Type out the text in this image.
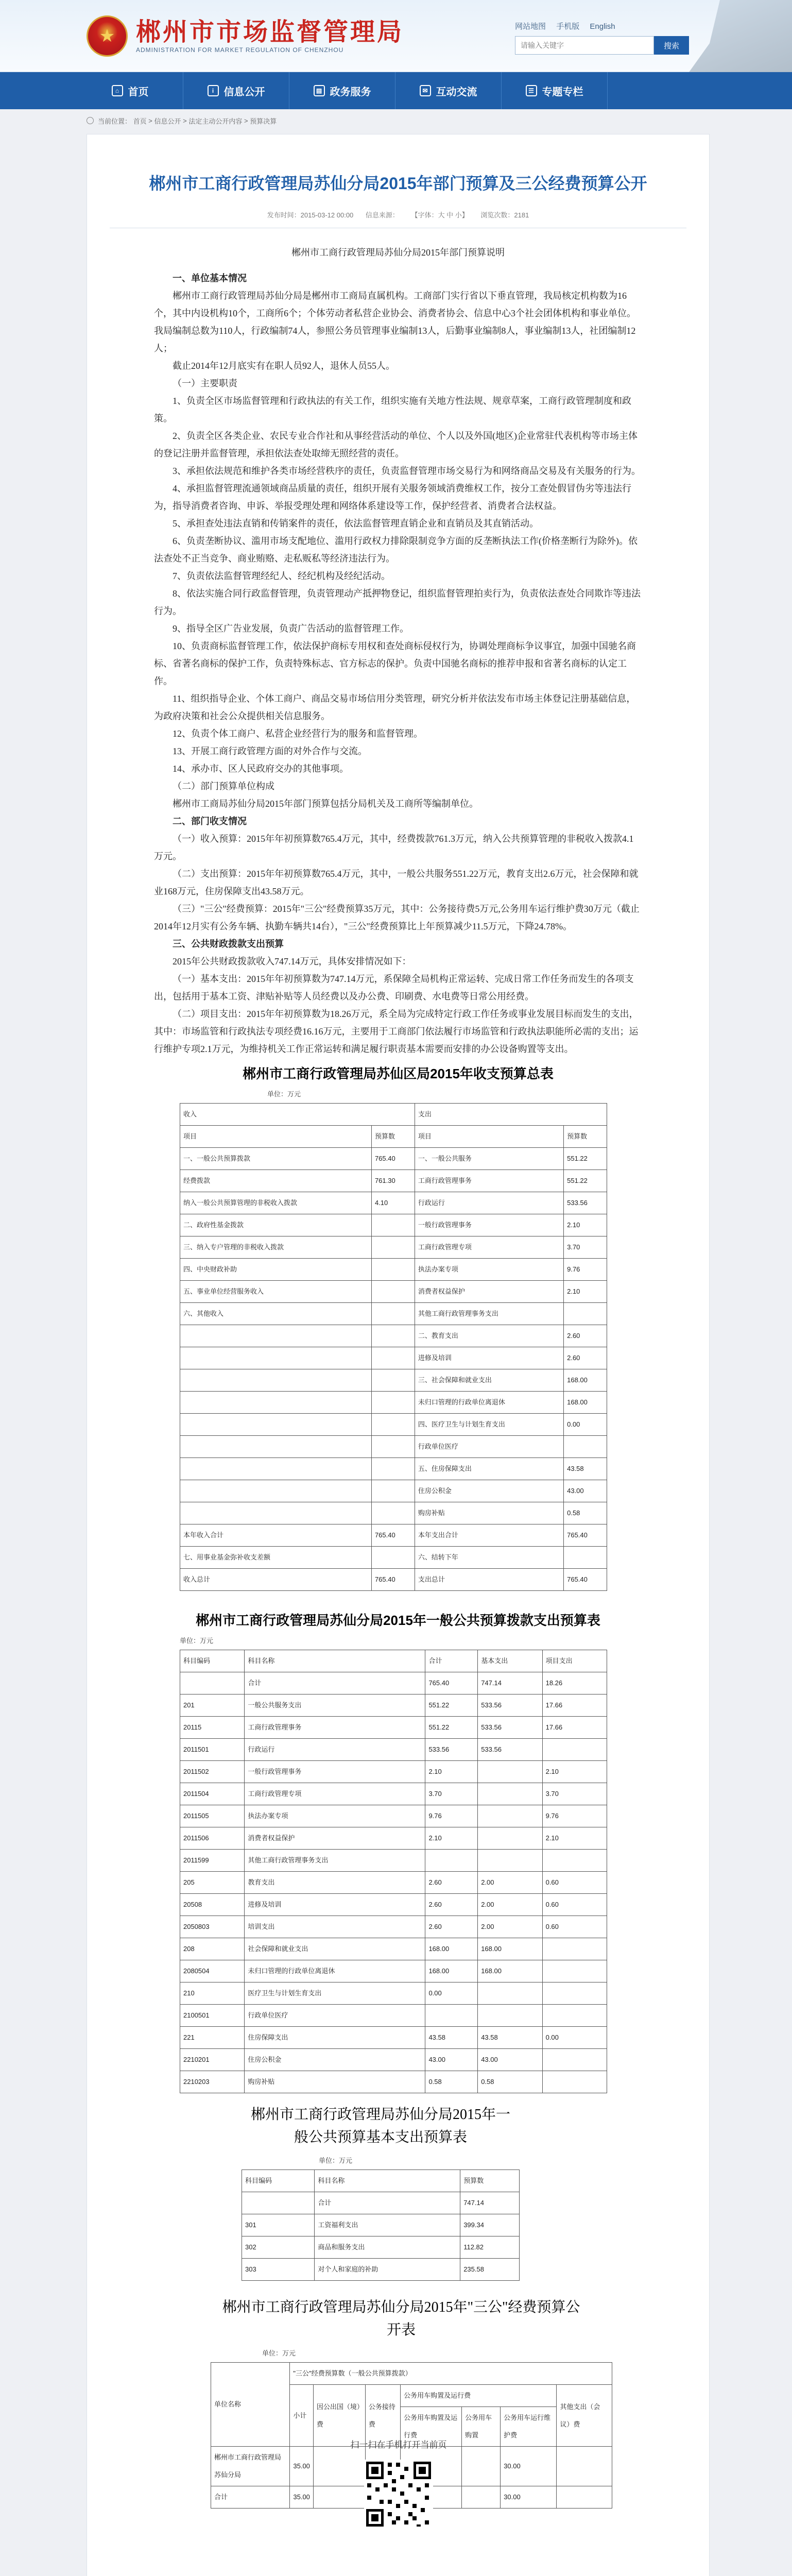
★ 郴州市市场监督管理局
ADMINISTRATION FOR MARKET REGULATION OF CHENZHOU
网站地图 手机版 English
请输入关键字
搜索
⌂ 首页	i 信息公开	▤ 政务服务	✉ 互动交流	☰ 专题专栏
当前位置：
首页
>
信息公开
>
法定主动公开内容
>
预算决算
郴州市工商行政管理局苏仙分局2015年部门预算及三公经费预算公开
发布时间：2015-03-12 00:00 信息来源： 【字体：大 中 小】 浏览次数：2181

郴州市工商行政管理局苏仙分局2015年部门预算说明

一、单位基本情况

郴州市工商行政管理局苏仙分局是郴州市工商局直属机构。工商部门实行省以下垂直管理，我局核定机构数为16个，其中内设机构10个，工商所6个；个体劳动者私营企业协会、消费者协会、信息中心3个社会团体机构和事业单位。我局编制总数为110人，行政编制74人，参照公务员管理事业编制13人，后勤事业编制8人，事业编制13人，社团编制12人；

截止2014年12月底实有在职人员92人，退休人员55人。

（一）主要职责

1、负责全区市场监督管理和行政执法的有关工作，组织实施有关地方性法规、规章草案，工商行政管理制度和政策。

2、负责全区各类企业、农民专业合作社和从事经营活动的单位、个人以及外国(地区)企业常驻代表机构等市场主体的登记注册并监督管理，承担依法查处取缔无照经营的责任。

3、承担依法规范和维护各类市场经营秩序的责任，负责监督管理市场交易行为和网络商品交易及有关服务的行为。

4、承担监督管理流通领域商品质量的责任，组织开展有关服务领域消费维权工作，按分工查处假冒伪劣等违法行为，指导消费者咨询、申诉、举报受理处理和网络体系建设等工作，保护经营者、消费者合法权益。

5、承担查处违法直销和传销案件的责任，依法监督管理直销企业和直销员及其直销活动。

6、负责垄断协议、滥用市场支配地位、滥用行政权力排除限制竞争方面的反垄断执法工作(价格垄断行为除外)。依法查处不正当竞争、商业贿赂、走私贩私等经济违法行为。

7、负责依法监督管理经纪人、经纪机构及经纪活动。

8、依法实施合同行政监督管理，负责管理动产抵押物登记，组织监督管理拍卖行为，负责依法查处合同欺诈等违法行为。

9、指导全区广告业发展，负责广告活动的监督管理工作。

10、负责商标监督管理工作，依法保护商标专用权和查处商标侵权行为，协调处理商标争议事宜，加强中国驰名商标、省著名商标的保护工作，负责特殊标志、官方标志的保护。负责中国驰名商标的推荐申报和省著名商标的认定工作。

11、组织指导企业、个体工商户、商品交易市场信用分类管理，研究分析并依法发布市场主体登记注册基础信息，为政府决策和社会公众提供相关信息服务。

12、负责个体工商户、私营企业经营行为的服务和监督管理。

13、开展工商行政管理方面的对外合作与交流。

14、承办市、区人民政府交办的其他事项。

（二）部门预算单位构成

郴州市工商局苏仙分局2015年部门预算包括分局机关及工商所等编制单位。

二、部门收支情况

（一）收入预算：2015年年初预算数765.4万元，其中，经费拨款761.3万元，纳入公共预算管理的非税收入拨款4.1万元。

（二）支出预算：2015年年初预算数765.4万元，其中，一般公共服务551.22万元，教育支出2.6万元，社会保障和就业168万元，住房保障支出43.58万元。

（三）"三公"经费预算：2015年"三公"经费预算35万元，其中：公务接待费5万元,公务用车运行维护费30万元（截止2014年12月实有公务车辆、执勤车辆共14台），"三公"经费预算比上年预算减少11.5万元，下降24.78%。

三、公共财政拨款支出预算

2015年公共财政拨款收入747.14万元，具体安排情况如下：

（一）基本支出：2015年年初预算数为747.14万元，系保障全局机构正常运转、完成日常工作任务而发生的各项支出，包括用于基本工资、津贴补贴等人员经费以及办公费、印刷费、水电费等日常公用经费。

（二）项目支出：2015年年初预算数为18.26万元，系全局为完成特定行政工作任务或事业发展目标而发生的支出，其中：市场监管和行政执法专项经费16.16万元，主要用于工商部门依法履行市场监管和行政执法职能所必需的支出；运行维护专项2.1万元，为维持机关工作正常运转和满足履行职责基本需要而安排的办公设备购置等支出。

郴州市工商行政管理局苏仙区局2015年收支预算总表
单位：万元
收入		支出	
项目	预算数	项目	预算数
一、一般公共预算拨款	765.40	一、一般公共服务	551.22
经费拨款	761.30	工商行政管理事务	551.22
纳入一般公共预算管理的非税收入拨款	4.10	行政运行	533.56
二、政府性基金拨款		一般行政管理事务	2.10
三、纳入专户管理的非税收入拨款		工商行政管理专项	3.70
四、中央财政补助		执法办案专项	9.76
五、事业单位经营服务收入		消费者权益保护	2.10
六、其他收入		其他工商行政管理事务支出	
		二、教育支出	2.60
		进修及培训	2.60
		三、社会保障和就业支出	168.00
		未归口管理的行政单位离退休	168.00
		四、医疗卫生与计划生育支出	0.00
		行政单位医疗	
		五、住房保障支出	43.58
		住房公积金	43.00
		购房补贴	0.58
本年收入合计	765.40	本年支出合计	765.40
七、用事业基金弥补收支差额		六、结转下年	
收入总计	765.40	支出总计	765.40
郴州市工商行政管理局苏仙分局2015年一般公共预算拨款支出预算表
单位：万元
科目编码	科目名称	合计	基本支出	项目支出
	合计	765.40	747.14	18.26
201	一般公共服务支出	551.22	533.56	17.66
20115	工商行政管理事务	551.22	533.56	17.66
2011501	行政运行	533.56	533.56	
2011502	一般行政管理事务	2.10		2.10
2011504	工商行政管理专项	3.70		3.70
2011505	执法办案专项	9.76		9.76
2011506	消费者权益保护	2.10		2.10
2011599	其他工商行政管理事务支出			
205	教育支出	2.60	2.00	0.60
20508	进修及培训	2.60	2.00	0.60
2050803	培训支出	2.60	2.00	0.60
208	社会保障和就业支出	168.00	168.00	
2080504	未归口管理的行政单位离退休	168.00	168.00	
210	医疗卫生与计划生育支出	0.00		
2100501	行政单位医疗			
221	住房保障支出	43.58	43.58	0.00
2210201	住房公积金	43.00	43.00	
2210203	购房补贴	0.58	0.58	
郴州市工商行政管理局苏仙分局2015年一般公共预算基本支出预算表
单位：万元
科目编码	科目名称	预算数
	合计	747.14
301	工资福利支出	399.34
302	商品和服务支出	112.82
303	对个人和家庭的补助	235.58
郴州市工商行政管理局苏仙分局2015年"三公"经费预算公开表
单位：万元
单位名称	"三公"经费预算数（一般公共预算拨款）						
	小计	因公出国（境）费	公务接待费	公务用车购置及运行费			其他支出（会议）费
				公务用车购置及运行费	公务用车购置	公务用车运行维护费	
郴州市工商行政管理局苏仙分局	35.00					30.00	
合计	35.00					30.00	
扫一扫在手机打开当前页
